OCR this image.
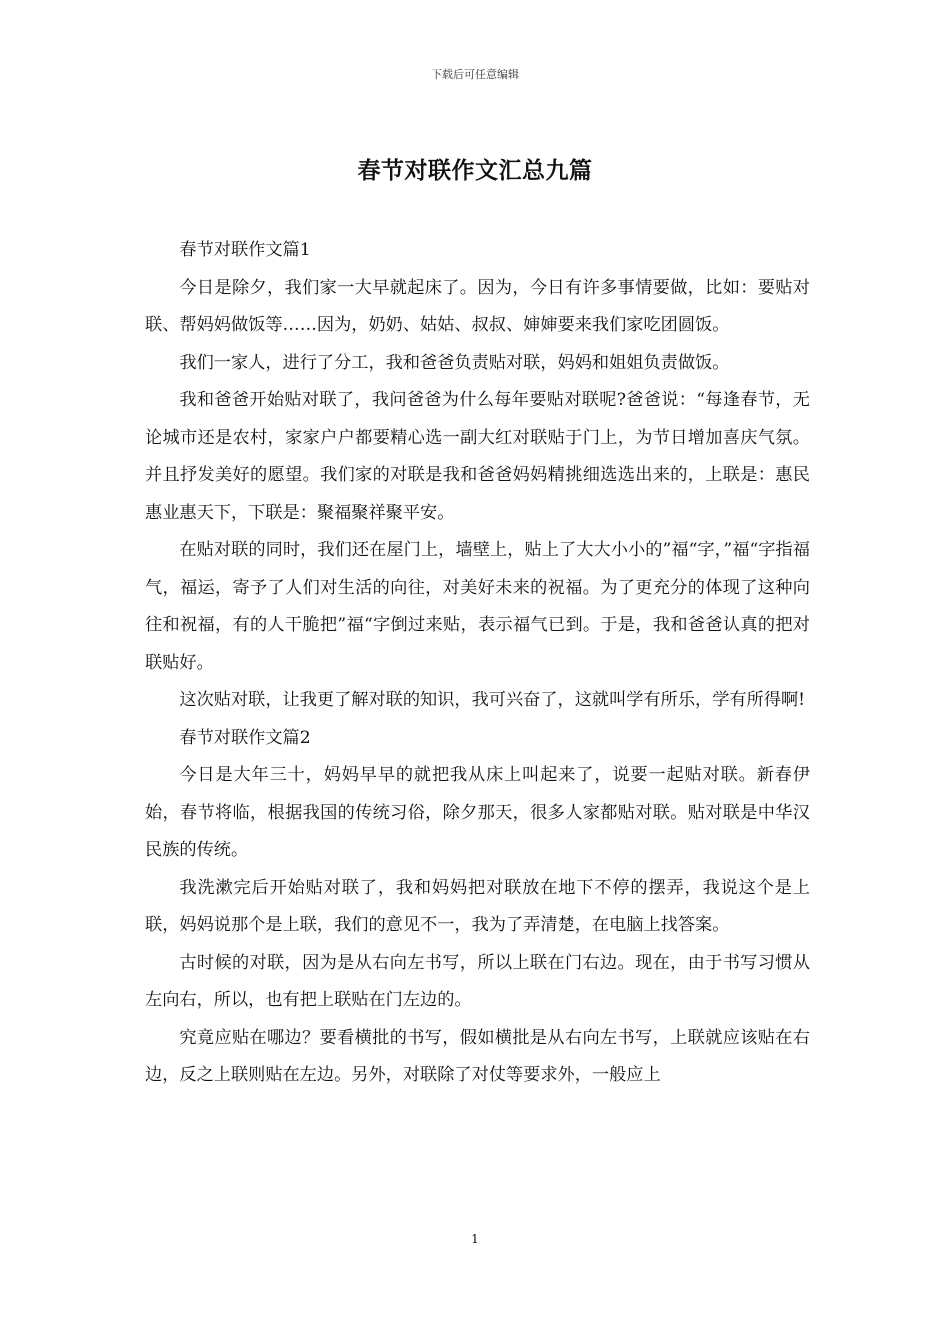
下载后可任意编辑
春节对联作文汇总九篇

春节对联作文篇1

今日是除夕，我们家一大早就起床了。因为，今日有许多事情要做，比如：要贴对联、帮妈妈做饭等……因为，奶奶、姑姑、叔叔、婶婶要来我们家吃团圆饭。

我们一家人，进行了分工，我和爸爸负责贴对联，妈妈和姐姐负责做饭。

我和爸爸开始贴对联了，我问爸爸为什么每年要贴对联呢?爸爸说：“每逢春节，无论城市还是农村，家家户户都要精心选一副大红对联贴于门上，为节日增加喜庆气氛。并且抒发美好的愿望。我们家的对联是我和爸爸妈妈精挑细选选出来的，上联是：惠民惠业惠天下，下联是：聚福聚祥聚平安。

在贴对联的同时，我们还在屋门上，墙壁上，贴上了大大小小的”福“字，”福“字指福气，福运，寄予了人们对生活的向往，对美好未来的祝福。为了更充分的体现了这种向往和祝福，有的人干脆把”福“字倒过来贴，表示福气已到。于是，我和爸爸认真的把对联贴好。

这次贴对联，让我更了解对联的知识，我可兴奋了，这就叫学有所乐，学有所得啊!

春节对联作文篇2

今日是大年三十，妈妈早早的就把我从床上叫起来了，说要一起贴对联。新春伊始，春节将临，根据我国的传统习俗，除夕那天，很多人家都贴对联。贴对联是中华汉民族的传统。

我洗漱完后开始贴对联了，我和妈妈把对联放在地下不停的摆弄，我说这个是上联，妈妈说那个是上联，我们的意见不一，我为了弄清楚，在电脑上找答案。

古时候的对联，因为是从右向左书写，所以上联在门右边。现在，由于书写习惯从左向右，所以，也有把上联贴在门左边的。

究竟应贴在哪边？要看横批的书写，假如横批是从右向左书写，上联就应该贴在右边，反之上联则贴在左边。另外，对联除了对仗等要求外，一般应上

1
